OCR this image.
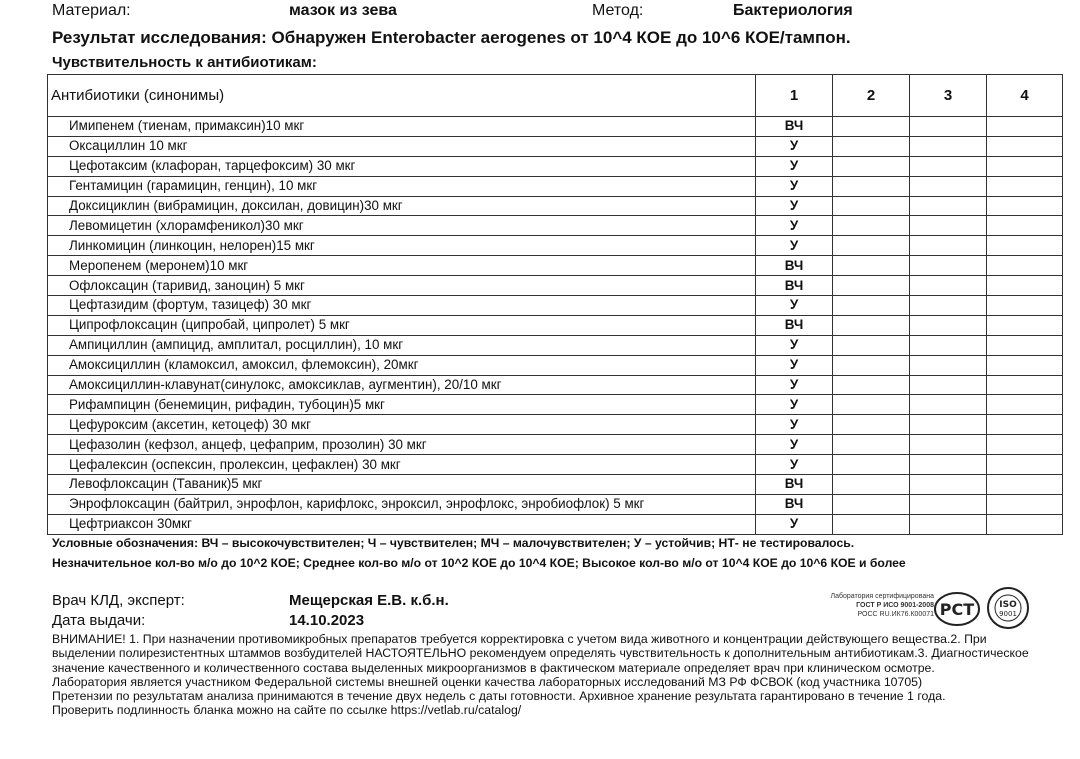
Материал:	мазок из зева	Метод:	Бактериология
Результат исследования: Обнаружен Enterobacter aerogenes от 10^4 КОЕ до 10^6 КОЕ/тампон.
Чувствительность к антибиотикам:
Антибиотики (синонимы)	1	2	3	4
Имипенем (тиенам, примаксин)10 мкг	ВЧ			
Оксациллин 10 мкг	У			
Цефотаксим (клафоран, тарцефоксим) 30 мкг	У			
Гентамицин (гарамицин, генцин), 10 мкг	У			
Доксициклин (вибрамицин, доксилан, довицин)30 мкг	У			
Левомицетин (хлорамфеникол)30 мкг	У			
Линкомицин (линкоцин, нелорен)15 мкг	У			
Меропенем (меронем)10 мкг	ВЧ			
Офлоксацин (таривид, заноцин) 5 мкг	ВЧ			
Цефтазидим (фортум, тазицеф) 30 мкг	У			
Ципрофлоксацин (ципробай, ципролет) 5 мкг	ВЧ			
Ампициллин (ампицид, амплитал, росциллин), 10 мкг	У			
Амоксициллин (кламоксил, амоксил, флемоксин), 20мкг	У			
Амоксициллин-клавунат(синулокс, амоксиклав, аугментин), 20/10 мкг	У			
Рифампицин (бенемицин, рифадин, тубоцин)5 мкг	У			
Цефуроксим (аксетин, кетоцеф) 30 мкг	У			
Цефазолин (кефзол, анцеф, цефаприм, прозолин) 30 мкг	У			
Цефалексин (оспексин, пролексин, цефаклен) 30 мкг	У			
Левофлоксацин (Таваник)5 мкг	ВЧ			
Энрофлоксацин (байтрил, энрофлон, карифлокс, энроксил, энрофлокс, энробиофлок) 5 мкг	ВЧ			
Цефтриаксон 30мкг	У			
Условные обозначения: ВЧ – высокочувствителен; Ч – чувствителен; МЧ – малочувствителен; У – устойчив; НТ- не тестировалось.
Незначительное кол-во м/о до 10^2 КОЕ; Среднее кол-во м/о от 10^2 КОЕ до 10^4 КОЕ; Высокое кол-во м/о от 10^4 КОЕ до 10^6 КОЕ и более
Врач КЛД, эксперт:	Мещерская Е.В. к.б.н.
Дата выдачи:	14.10.2023
Лаборатория сертифицирована
ГОСТ Р ИСО 9001-2008
РОСС RU.ИК76.К00071 PCT	ISO
9001
ВНИМАНИЕ! 1. При назначении противомикробных препаратов требуется корректировка с учетом вида животного и концентрации действующего вещества.2. При выделении полирезистентных штаммов возбудителей НАСТОЯТЕЛЬНО рекомендуем определять чувствительность к дополнительным антибиотикам.3. Диагностическое значение качественного и количественного состава выделенных микроорганизмов в фактическом материале определяет врач при клиническом осмотре.
Лаборатория является участником Федеральной системы внешней оценки качества лабораторных исследований МЗ РФ ФСВОК (код участника 10705)
Претензии по результатам анализа принимаются в течение двух недель с даты готовности. Архивное хранение результата гарантировано в течение 1 года.
Проверить подлинность бланка можно на сайте по ссылке https://vetlab.ru/catalog/
